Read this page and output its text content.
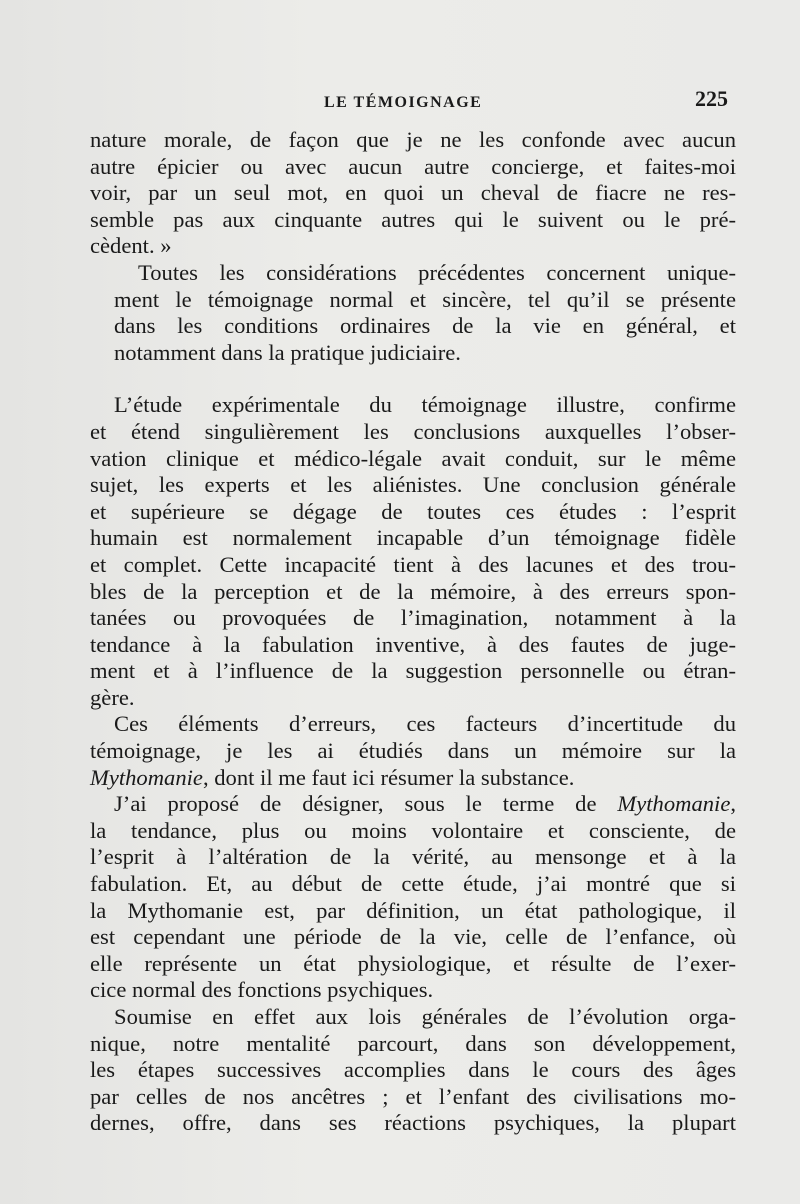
LE TÉMOIGNAGE	225

nature morale, de façon que je ne les confonde avec aucun
autre épicier ou avec aucun autre concierge, et faites-moi
voir, par un seul mot, en quoi un cheval de fiacre ne res-
semble pas aux cinquante autres qui le suivent ou le pré-
cèdent. »

Toutes les considérations précédentes concernent unique-
ment le témoignage normal et sincère, tel qu’il se présente
dans les conditions ordinaires de la vie en général, et
notamment dans la pratique judiciaire.

L’étude expérimentale du témoignage illustre, confirme
et étend singulièrement les conclusions auxquelles l’obser-
vation clinique et médico-légale avait conduit, sur le même
sujet, les experts et les aliénistes. Une conclusion générale
et supérieure se dégage de toutes ces études : l’esprit
humain est normalement incapable d’un témoignage fidèle
et complet. Cette incapacité tient à des lacunes et des trou-
bles de la perception et de la mémoire, à des erreurs spon-
tanées ou provoquées de l’imagination, notamment à la
tendance à la fabulation inventive, à des fautes de juge-
ment et à l’influence de la suggestion personnelle ou étran-
gère.

Ces éléments d’erreurs, ces facteurs d’incertitude du
témoignage, je les ai étudiés dans un mémoire sur la
Mythomanie, dont il me faut ici résumer la substance.

J’ai proposé de désigner, sous le terme de Mythomanie,
la tendance, plus ou moins volontaire et consciente, de
l’esprit à l’altération de la vérité, au mensonge et à la
fabulation. Et, au début de cette étude, j’ai montré que si
la Mythomanie est, par définition, un état pathologique, il
est cependant une période de la vie, celle de l’enfance, où
elle représente un état physiologique, et résulte de l’exer-
cice normal des fonctions psychiques.

Soumise en effet aux lois générales de l’évolution orga-
nique, notre mentalité parcourt, dans son développement,
les étapes successives accomplies dans le cours des âges
par celles de nos ancêtres ; et l’enfant des civilisations mo-
dernes, offre, dans ses réactions psychiques, la plupart
